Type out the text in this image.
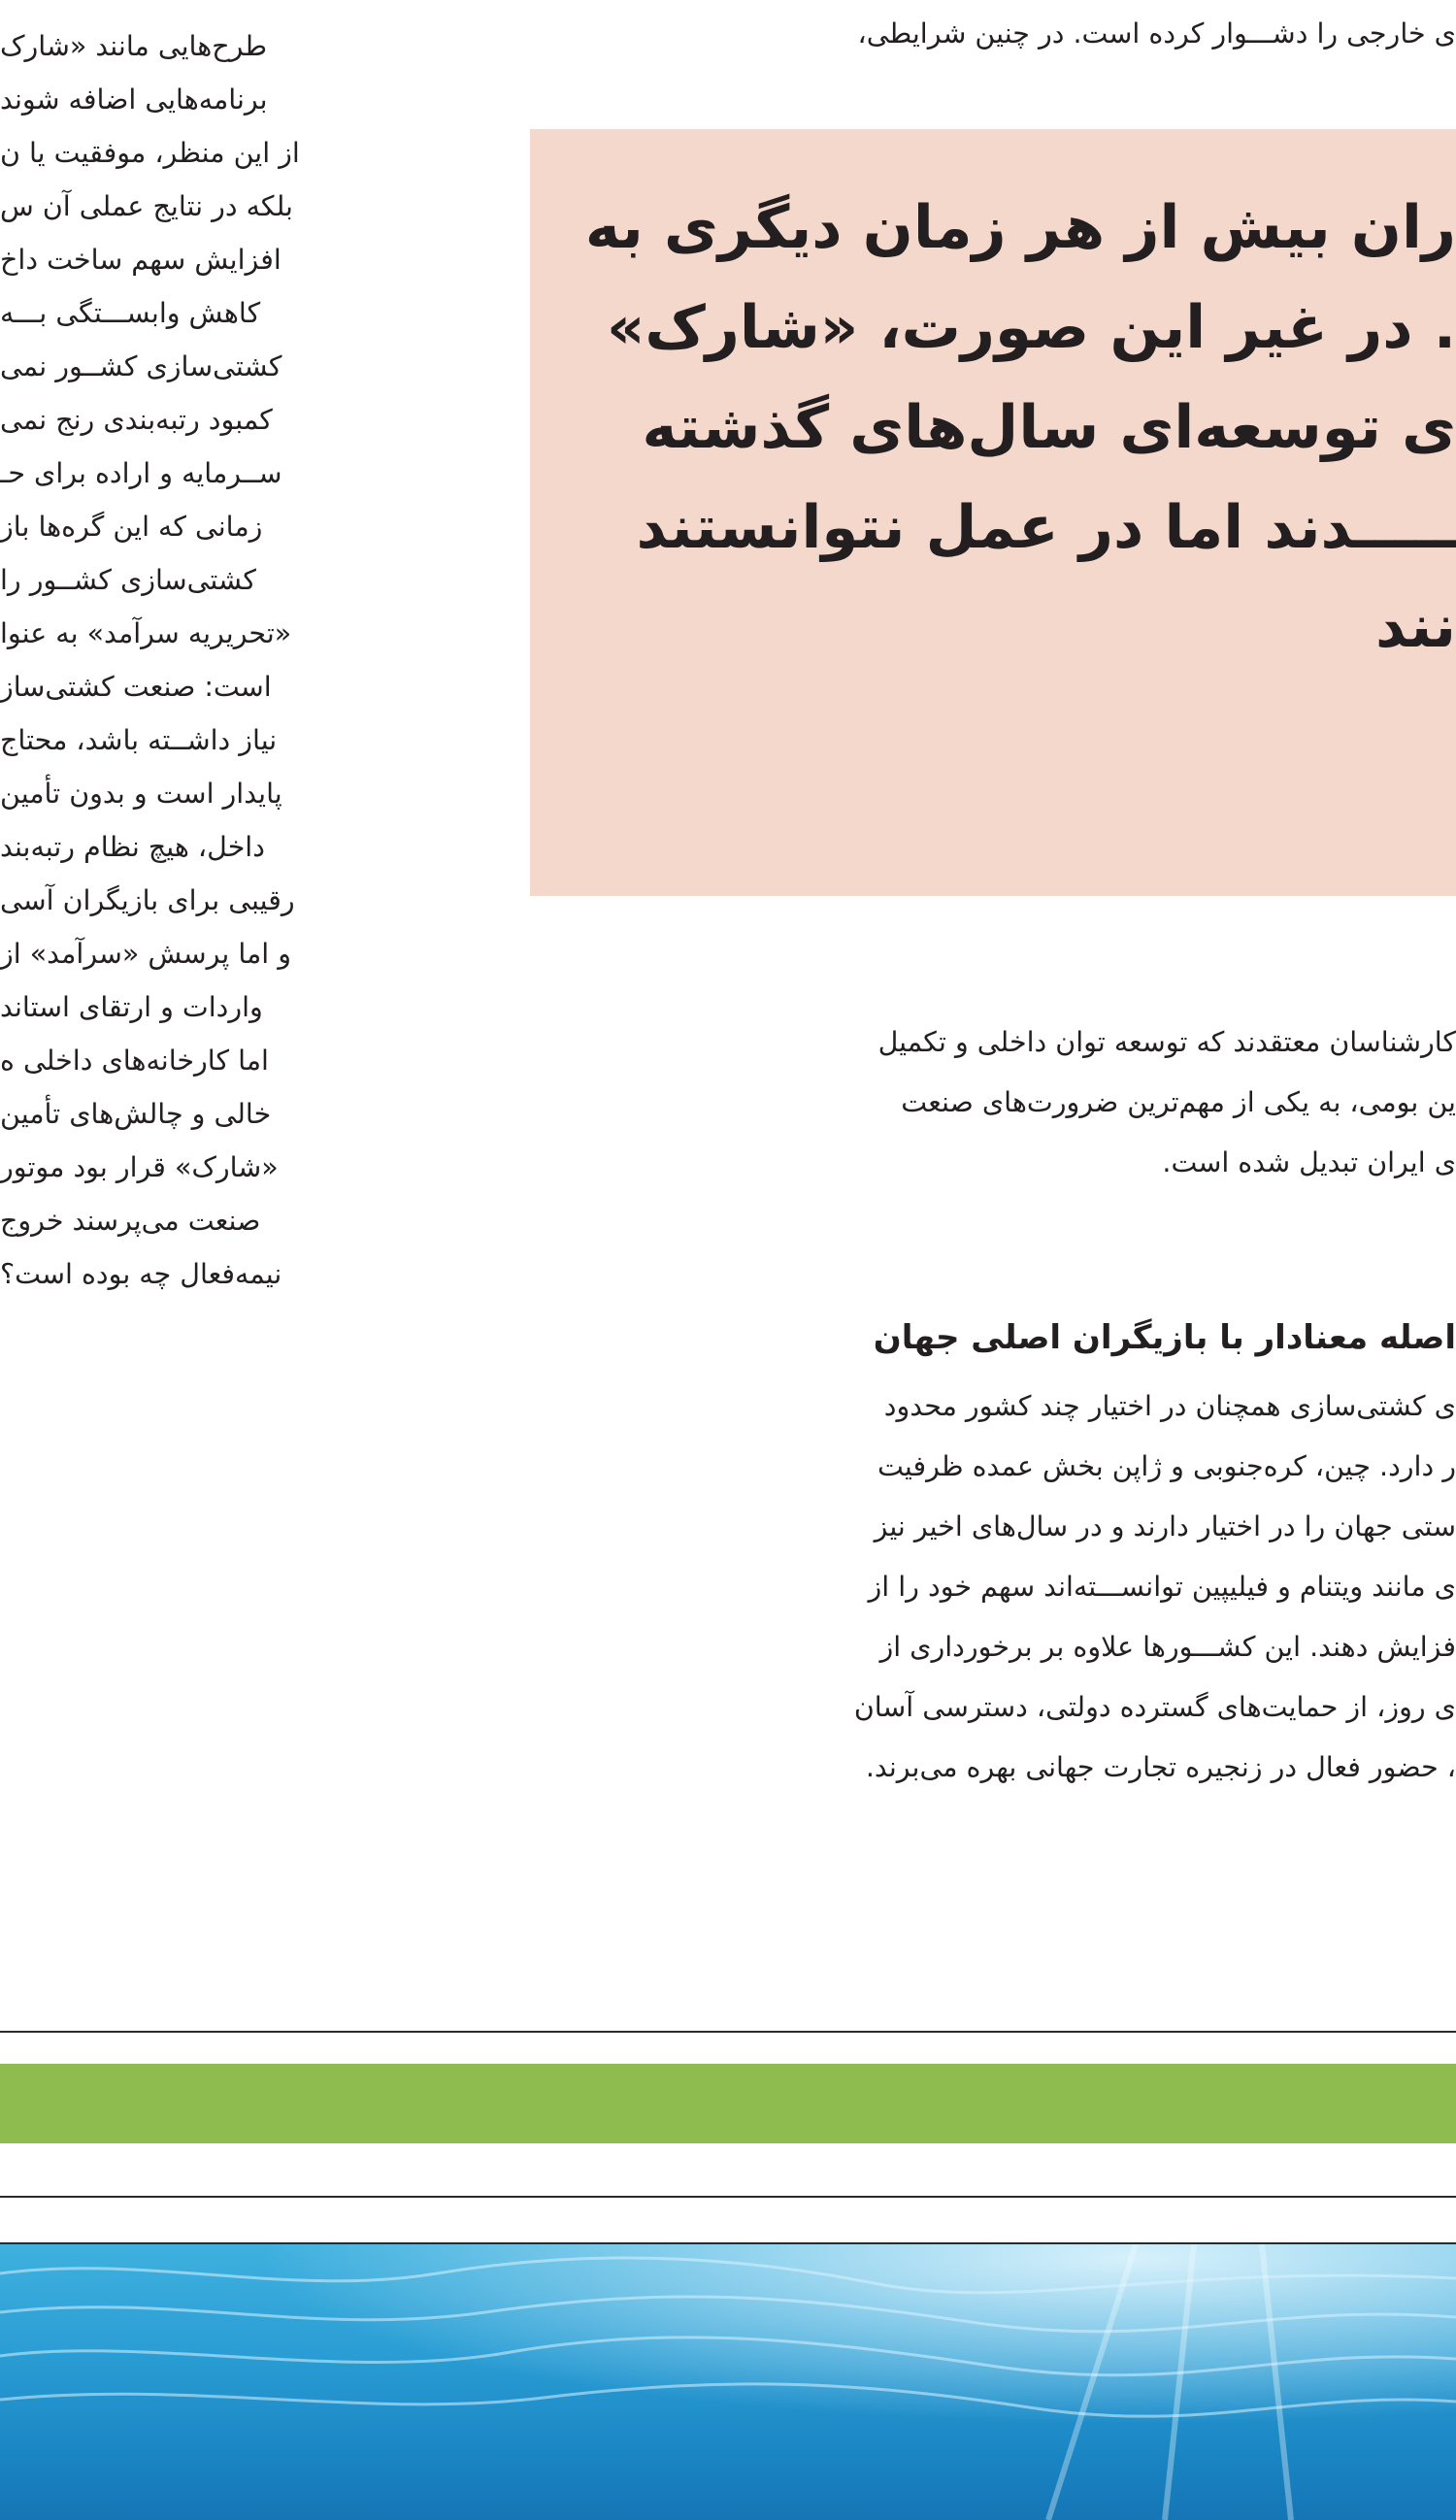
طرح‌هایی مانند «شارک
برنامه‌هایی اضافه شوند
از این منظر، موفقیت یا ن
بلکه در نتایج عملی آن س
افزایش سهم ساخت داخ
کاهش وابســـتگی بـــه
کشتی‌سازی کشــور نمی
کمبود رتبه‌بندی رنج نمی
ســرمایه و اراده برای حـ
زمانی که این گره‌ها باز
کشتی‌سازی کشــور را
«تحریریه سرآمد» به عنوا
است: صنعت کشتی‌ساز
نیاز داشــته باشد، محتاج
پایدار است و بدون تأمین
داخل، هیچ نظام رتبه‌بند
رقیبی برای بازیگران آسی
و اما پرسش «سرآمد» از
واردات و ارتقای استاند
اما کارخانه‌های داخلی ه
خالی و چالش‌های تأمین
«شارک» قرار بود موتور
صنعت می‌پرسند خروج
نیمه‌فعال چه بوده است؟
ی خارجی را دشـــوار کرده است. در چنین شرایطی،
ران بیش از هر زمان دیگری به
. در غیر این صورت، «شارک»
ی توسعه‌ای سال‌های گذشته
ـــــدند اما در عمل نتوانستند
نند
کارشناسان معتقدند که توسعه توان داخلی و تکمیل
ین بومی، به یکی از مهم‌ترین ضرورت‌های صنعت
ی ایران تبدیل شده است.
اصله معنادار با بازیگران اصلی جهان
ی کشتی‌سازی همچنان در اختیار چند کشور محدود
ر دارد. چین، کره‌جنوبی و ژاپن بخش عمده ظرفیت
ستی جهان را در اختیار دارند و در سال‌های اخیر نیز
ی مانند ویتنام و فیلیپین توانســـته‌اند سهم خود را از
فزایش دهند. این کشـــورها علاوه بر برخورداری از
ی روز، از حمایت‌های گسترده دولتی، دسترسی آسان
، حضور فعال در زنجیره تجارت جهانی بهره می‌برند.
